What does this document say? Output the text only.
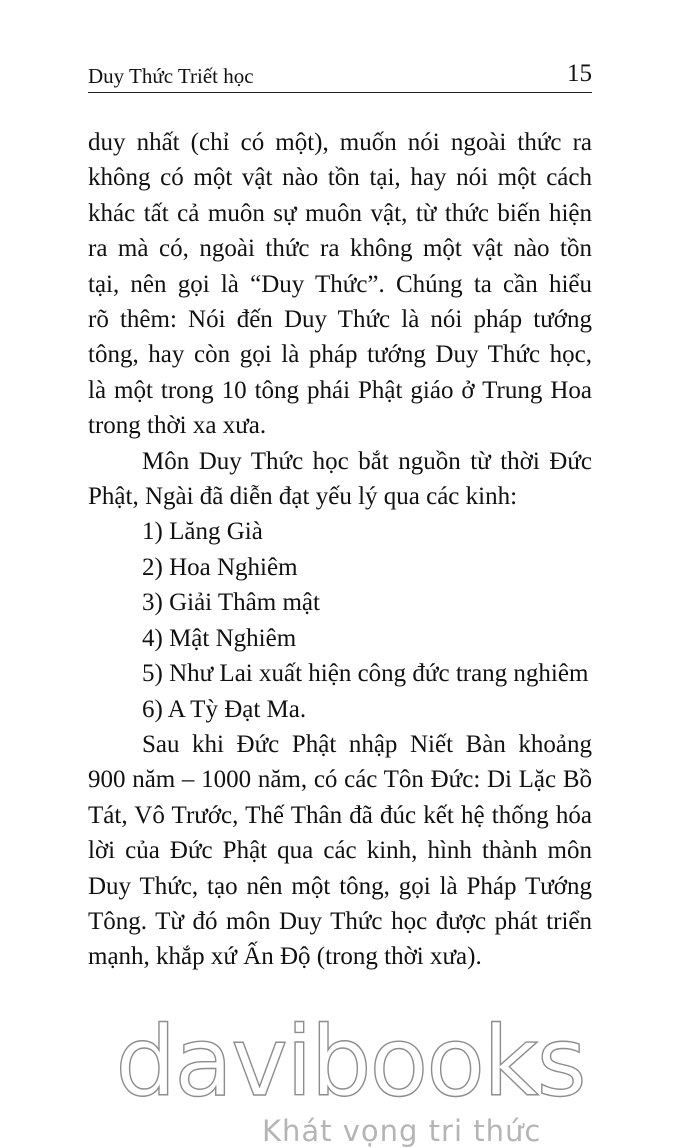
Duy Thức Triết học	15

duy nhất (chỉ có một), muốn nói ngoài thức ra
không có một vật nào tồn tại, hay nói một cách
khác tất cả muôn sự muôn vật, từ thức biến hiện
ra mà có, ngoài thức ra không một vật nào tồn
tại, nên gọi là “Duy Thức”. Chúng ta cần hiểu
rõ thêm: Nói đến Duy Thức là nói pháp tướng
tông, hay còn gọi là pháp tướng Duy Thức học,
là một trong 10 tông phái Phật giáo ở Trung Hoa
trong thời xa xưa.

Môn Duy Thức học bắt nguồn từ thời Đức
Phật, Ngài đã diễn đạt yếu lý qua các kinh:

1) Lăng Già

2) Hoa Nghiêm

3) Giải Thâm mật

4) Mật Nghiêm

5) Như Lai xuất hiện công đức trang nghiêm

6) A Tỳ Đạt Ma.

Sau khi Đức Phật nhập Niết Bàn khoảng
900 năm – 1000 năm, có các Tôn Đức: Di Lặc Bồ
Tát, Vô Trước, Thế Thân đã đúc kết hệ thống hóa
lời của Đức Phật qua các kinh, hình thành môn
Duy Thức, tạo nên một tông, gọi là Pháp Tướng
Tông. Từ đó môn Duy Thức học được phát triển
mạnh, khắp xứ Ấn Độ (trong thời xưa).

davibooks
Khát vọng tri thức
